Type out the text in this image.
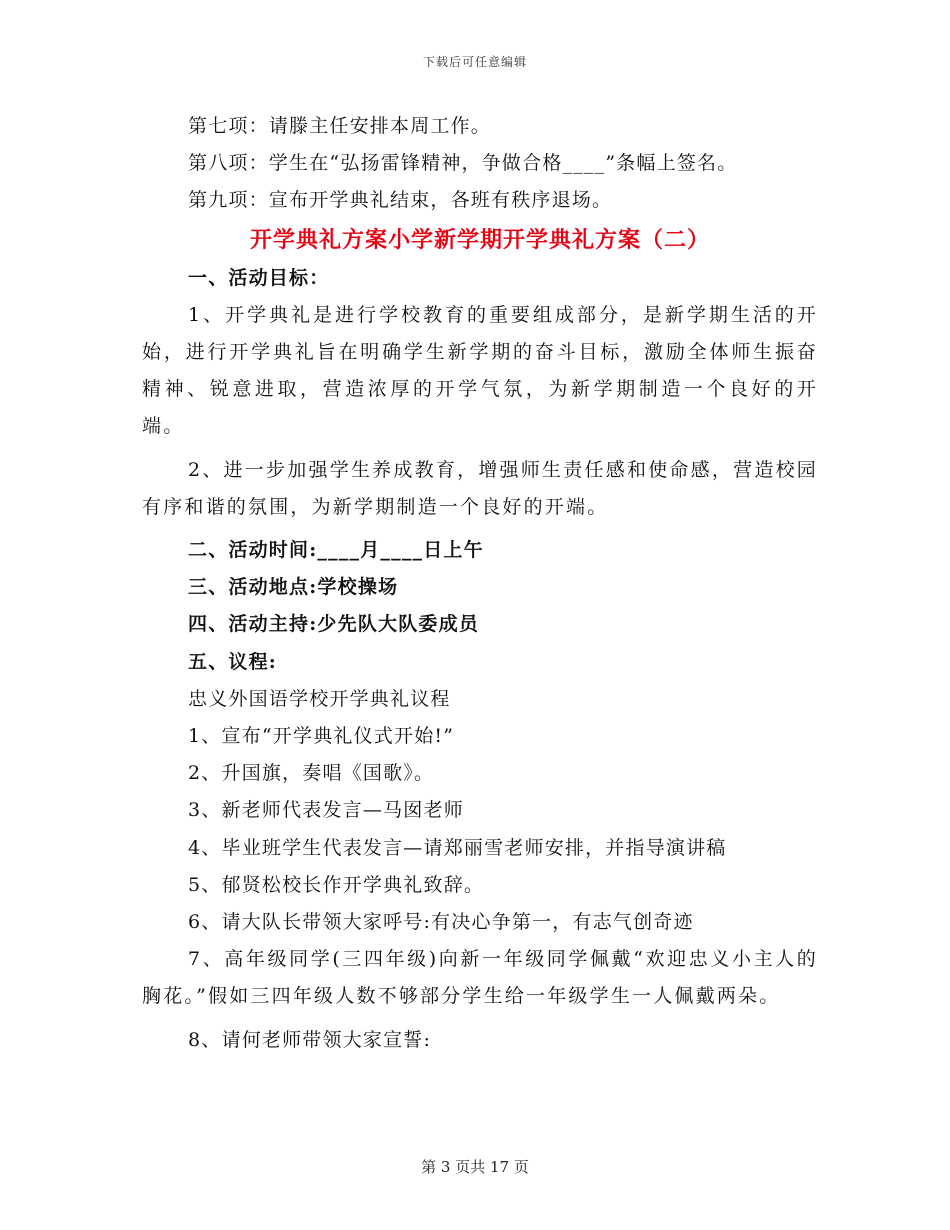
下载后可任意编辑
第七项：请滕主任安排本周工作。
第八项：学生在“弘扬雷锋精神，争做合格____”条幅上签名。
第九项：宣布开学典礼结束，各班有秩序退场。
开学典礼方案小学新学期开学典礼方案（二）
一、活动目标：

1、开学典礼是进行学校教育的重要组成部分，是新学期生活的开始，进行开学典礼旨在明确学生新学期的奋斗目标，激励全体师生振奋精神、锐意进取，营造浓厚的开学气氛，为新学期制造一个良好的开端。

2、进一步加强学生养成教育，增强师生责任感和使命感，营造校园有序和谐的氛围，为新学期制造一个良好的开端。

二、活动时间:____月____日上午
三、活动地点:学校操场
四、活动主持:少先队大队委成员
五、议程:
忠义外国语学校开学典礼议程
1、宣布“开学典礼仪式开始!”
2、升国旗，奏唱《国歌》。
3、新老师代表发言—马囡老师
4、毕业班学生代表发言—请郑丽雪老师安排，并指导演讲稿
5、郁贤松校长作开学典礼致辞。
6、请大队长带领大家呼号:有决心争第一，有志气创奇迹

7、高年级同学(三四年级)向新一年级同学佩戴“欢迎忠义小主人的胸花。”假如三四年级人数不够部分学生给一年级学生一人佩戴两朵。

8、请何老师带领大家宣誓:
第 3 页共 17 页
